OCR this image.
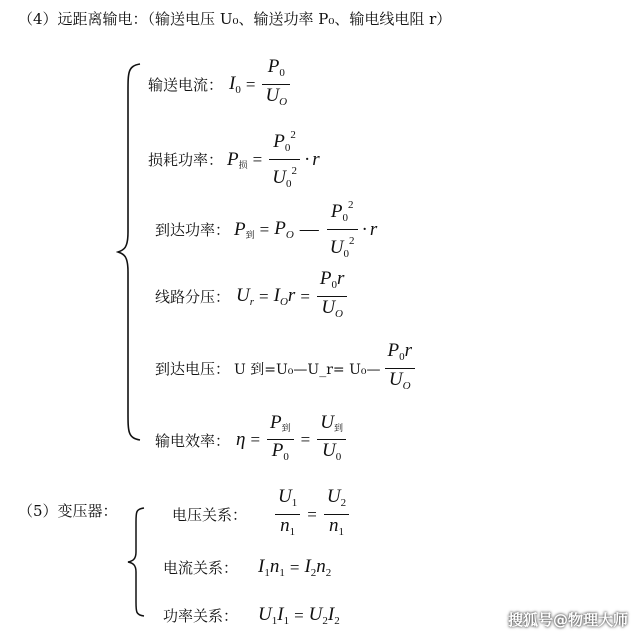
（4）远距离输电：（输送电压 U₀、输送功率 P₀、输电线电阻 r）
输送电流： $I_0 = \frac{P_0}{U_O}$
损耗功率： P损 = $\frac{P_0^2}{U_0^2} \cdot r$
到达功率： P到 = $P_O$ — $\frac{P_0^2}{U_0^2} \cdot r$
线路分压： $U_r = I_Or = \frac{P_0r}{U_O}$
到达电压： U 到=U₀—U_r= U₀— $\frac{P_0r}{U_O}$
输电效率： $\eta = \frac{\text{P到}}{P_0} = \frac{\text{U到}}{U_0}$
（5）变压器：	电压关系： $\frac{U_1}{n_1} = \frac{U_2}{n_1}$
电流关系： $I_1n_1 = I_2n_2$
功率关系： $U_1I_1 = U_2I_2$	搜狐号@物理大师
